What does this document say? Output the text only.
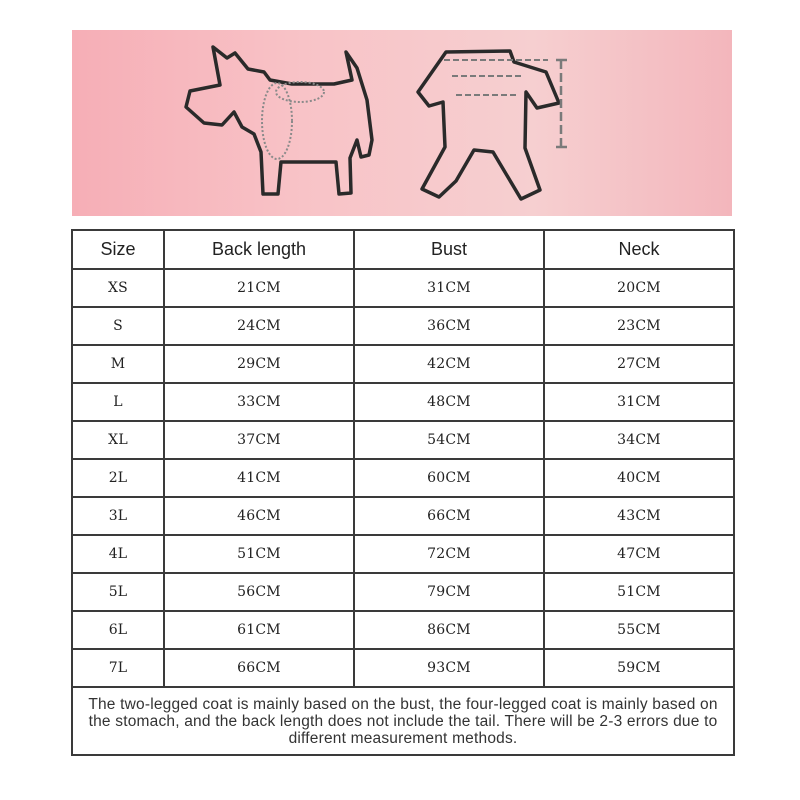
Size	Back length	Bust	Neck
XS	21CM	31CM	20CM
S	24CM	36CM	23CM
M	29CM	42CM	27CM
L	33CM	48CM	31CM
XL	37CM	54CM	34CM
2L	41CM	60CM	40CM
3L	46CM	66CM	43CM
4L	51CM	72CM	47CM
5L	56CM	79CM	51CM
6L	61CM	86CM	55CM
7L	66CM	93CM	59CM
The two-legged coat is mainly based on the bust, the four-legged coat is mainly based on the stomach, and the back length does not include the tail. There will be 2-3 errors due to different measurement methods.			
